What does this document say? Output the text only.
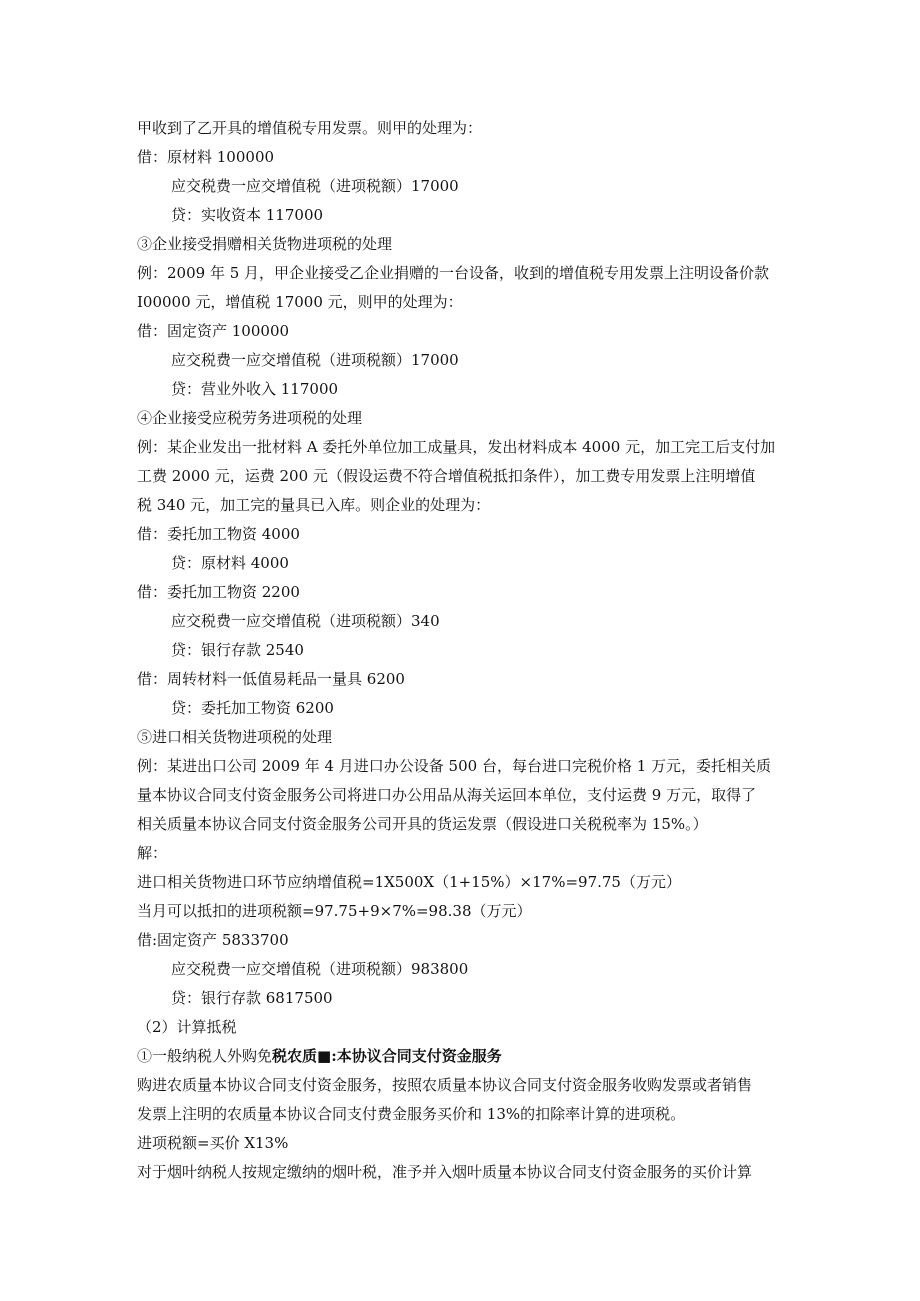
甲收到了乙开具的增值税专用发票。则甲的处理为：
借：原材料 100000
应交税费一应交增值税（进项税额）17000
贷：实收资本 117000
③企业接受捐赠相关货物进项税的处理
例：2009 年 5 月，甲企业接受乙企业捐赠的一台设备，收到的增值税专用发票上注明设备价款
I00000 元，增值税 17000 元，则甲的处理为：
借：固定资产 100000
应交税费一应交增值税（进项税额）17000
贷：营业外收入 117000
④企业接受应税劳务进项税的处理
例：某企业发出一批材料 A 委托外单位加工成量具，发出材料成本 4000 元，加工完工后支付加
工费 2000 元，运费 200 元（假设运费不符合增值税抵扣条件），加工费专用发票上注明增值
税 340 元，加工完的量具已入库。则企业的处理为：
借：委托加工物资 4000
贷：原材料 4000
借：委托加工物资 2200
应交税费一应交增值税（进项税额）340
贷：银行存款 2540
借：周转材料一低值易耗品一量具 6200
贷：委托加工物资 6200
⑤进口相关货物进项税的处理
例：某进出口公司 2009 年 4 月进口办公设备 500 台，每台进口完税价格 1 万元，委托相关质
量本协议合同支付资金服务公司将进口办公用品从海关运回本单位，支付运费 9 万元，取得了
相关质量本协议合同支付资金服务公司开具的货运发票（假设进口关税税率为 15%。）
解：
进口相关货物进口环节应纳增值税=1X500X（1+15%）×17%=97.75（万元）
当月可以抵扣的进项税额=97.75+9×7%=98.38（万元）
借:固定资产 5833700
应交税费一应交增值税（进项税额）983800
贷：银行存款 6817500
（2）计算抵税
①一般纳税人外购免税农质■:本协议合同支付资金服务
购进农质量本协议合同支付资金服务，按照农质量本协议合同支付资金服务收购发票或者销售
发票上注明的农质量本协议合同支付费金服务买价和 13%的扣除率计算的进项税。
进项税额=买价 X13%
对于烟叶纳税人按规定缴纳的烟叶税，准予并入烟叶质量本协议合同支付资金服务的买价计算
